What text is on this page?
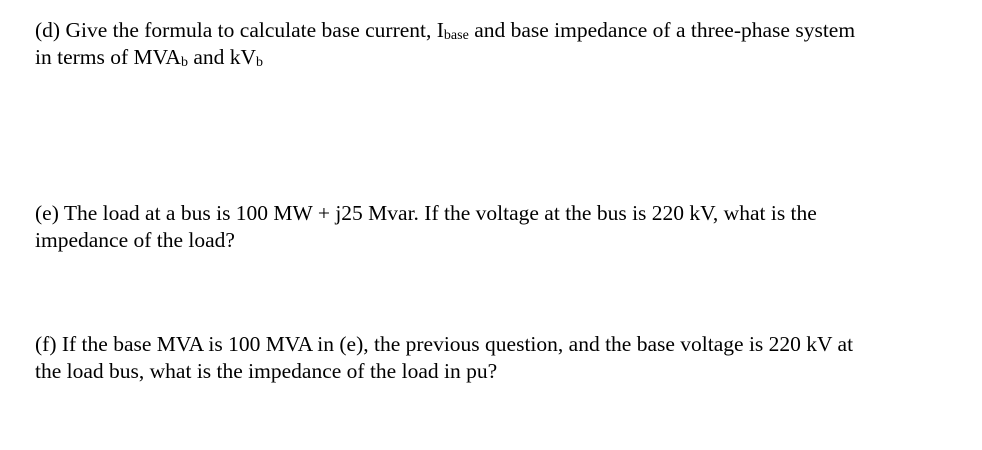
(d) Give the formula to calculate base current, $I_{base}$ and base impedance of a three-phase system
in terms of $MVA_b$ and $kV_b$
(e) The load at a bus is 100 MW + j25 Mvar. If the voltage at the bus is 220 kV, what is the
impedance of the load?
(f) If the base MVA is 100 MVA in (e), the previous question, and the base voltage is 220 kV at
the load bus, what is the impedance of the load in pu?
